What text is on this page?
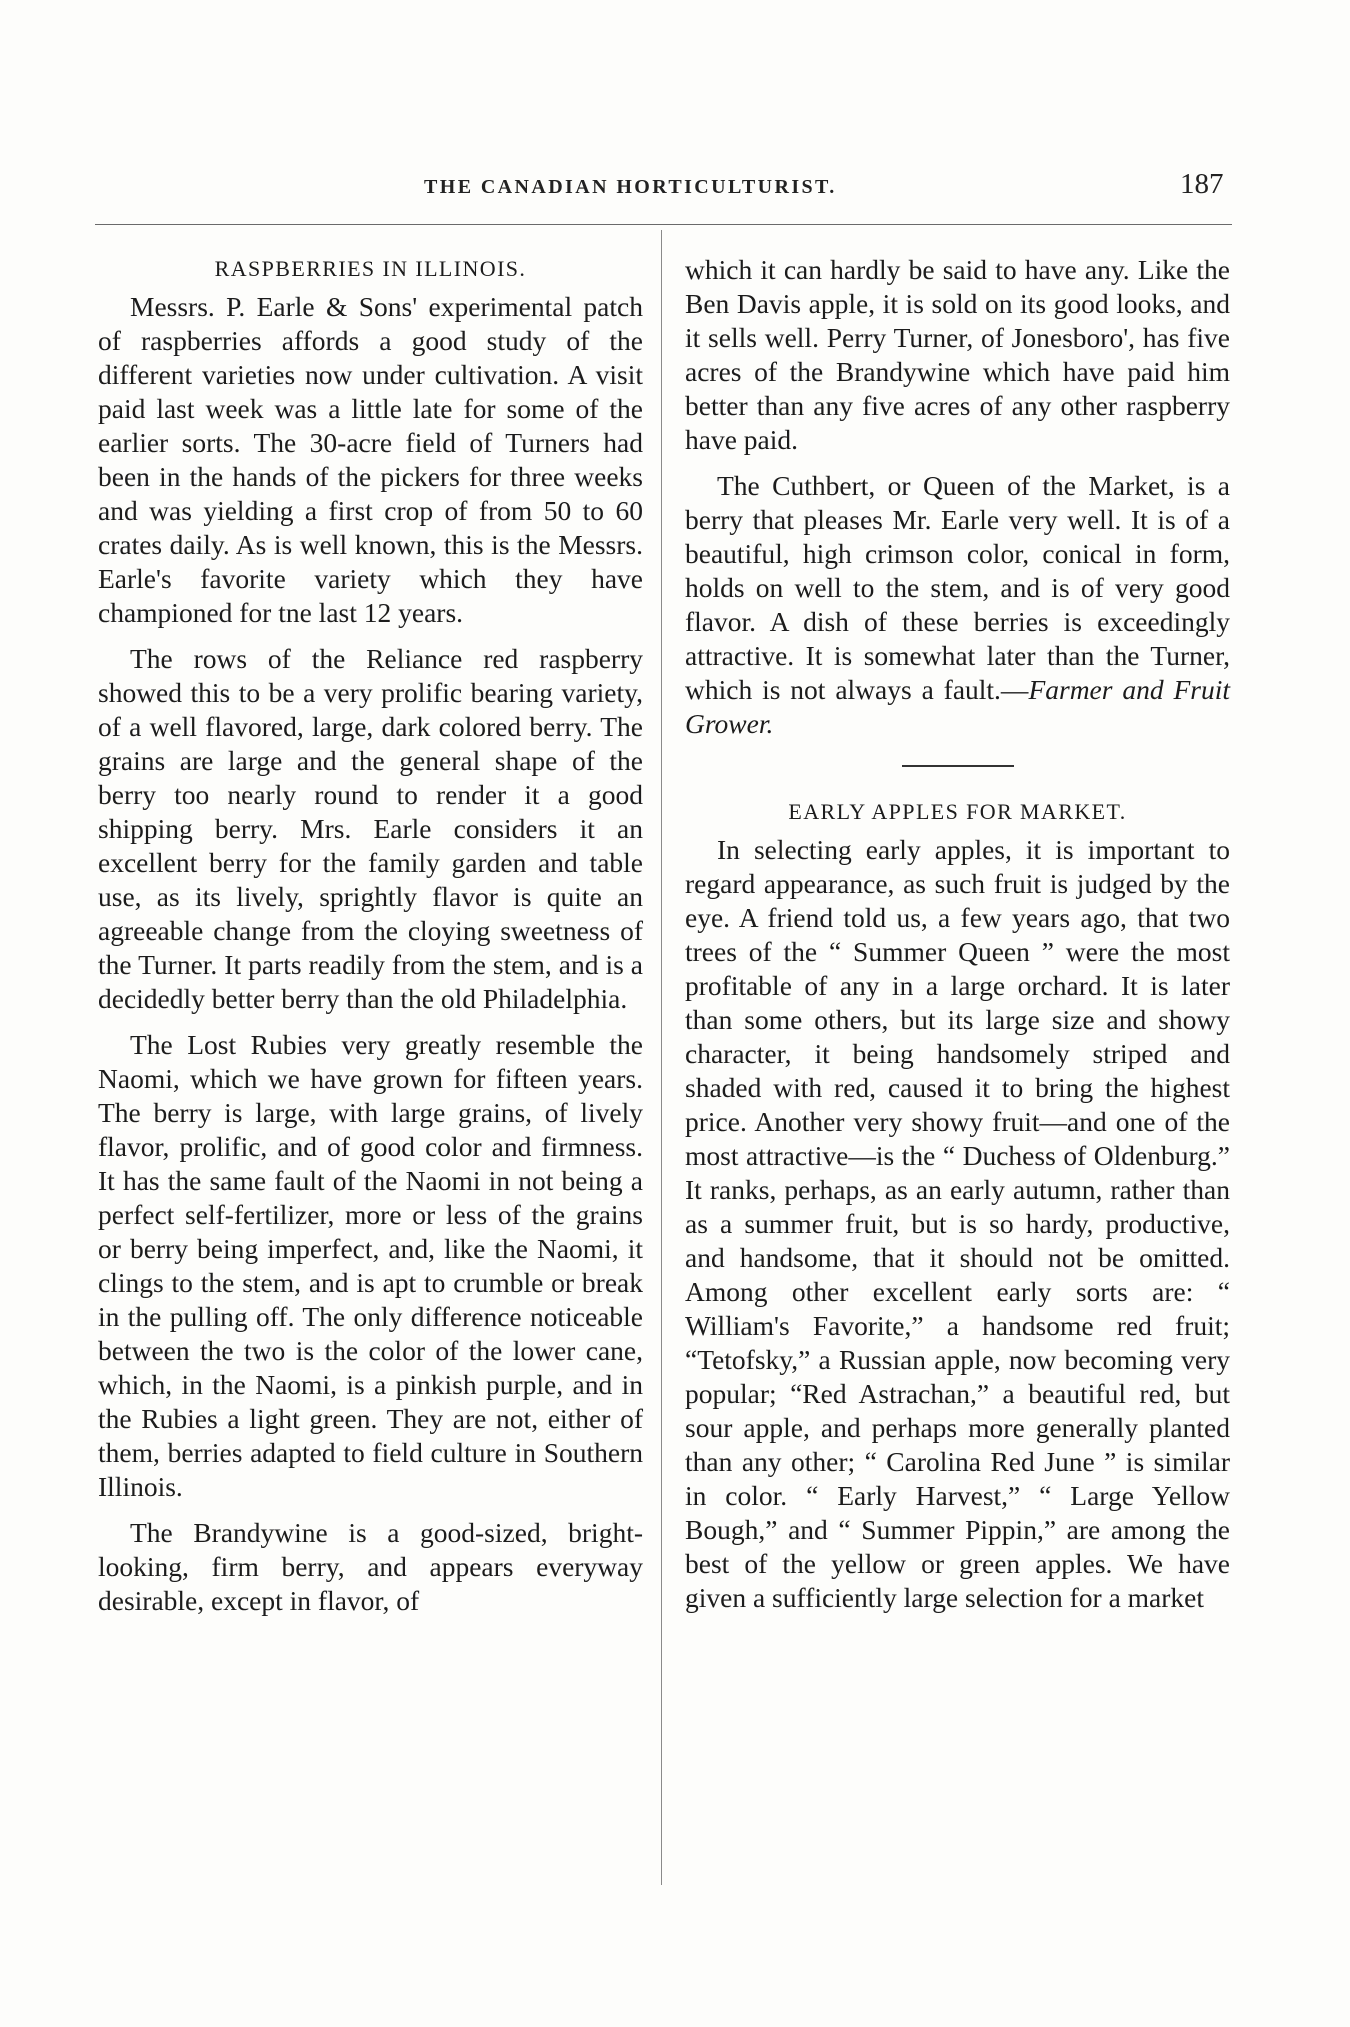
THE CANADIAN HORTICULTURIST.	187
RASPBERRIES IN ILLINOIS.

Messrs. P. Earle & Sons' experimental patch of raspberries affords a good study of the different varieties now under cultivation. A visit paid last week was a little late for some of the earlier sorts. The 30-acre field of Turners had been in the hands of the pickers for three weeks and was yielding a first crop of from 50 to 60 crates daily. As is well known, this is the Messrs. Earle's favorite variety which they have championed for tne last 12 years.

The rows of the Reliance red raspberry showed this to be a very prolific bearing variety, of a well flavored, large, dark colored berry. The grains are large and the general shape of the berry too nearly round to render it a good shipping berry. Mrs. Earle considers it an excellent berry for the family garden and table use, as its lively, sprightly flavor is quite an agreeable change from the cloying sweetness of the Turner. It parts readily from the stem, and is a decidedly better berry than the old Philadelphia.

The Lost Rubies very greatly resemble the Naomi, which we have grown for fifteen years. The berry is large, with large grains, of lively flavor, prolific, and of good color and firmness. It has the same fault of the Naomi in not being a perfect self-fertilizer, more or less of the grains or berry being imperfect, and, like the Naomi, it clings to the stem, and is apt to crumble or break in the pulling off. The only difference noticeable between the two is the color of the lower cane, which, in the Naomi, is a pinkish purple, and in the Rubies a light green. They are not, either of them, berries adapted to field culture in Southern Illinois.

The Brandywine is a good-sized, bright-looking, firm berry, and appears everyway desirable, except in flavor, of

which it can hardly be said to have any. Like the Ben Davis apple, it is sold on its good looks, and it sells well. Perry Turner, of Jonesboro', has five acres of the Brandywine which have paid him better than any five acres of any other raspberry have paid.

The Cuthbert, or Queen of the Market, is a berry that pleases Mr. Earle very well. It is of a beautiful, high crimson color, conical in form, holds on well to the stem, and is of very good flavor. A dish of these berries is exceedingly attractive. It is somewhat later than the Turner, which is not always a fault.—Farmer and Fruit Grower.

EARLY APPLES FOR MARKET.

In selecting early apples, it is important to regard appearance, as such fruit is judged by the eye. A friend told us, a few years ago, that two trees of the “ Summer Queen ” were the most profitable of any in a large orchard. It is later than some others, but its large size and showy character, it being handsomely striped and shaded with red, caused it to bring the highest price. Another very showy fruit—and one of the most attractive—is the “ Duchess of Oldenburg.” It ranks, perhaps, as an early autumn, rather than as a summer fruit, but is so hardy, productive, and handsome, that it should not be omitted. Among other excellent early sorts are: “ William's Favorite,” a handsome red fruit; “Tetofsky,” a Russian apple, now becoming very popular; “Red Astrachan,” a beautiful red, but sour apple, and perhaps more generally planted than any other; “ Carolina Red June ” is similar in color. “ Early Harvest,” “ Large Yellow Bough,” and “ Summer Pippin,” are among the best of the yellow or green apples. We have given a sufficiently large selection for a market
